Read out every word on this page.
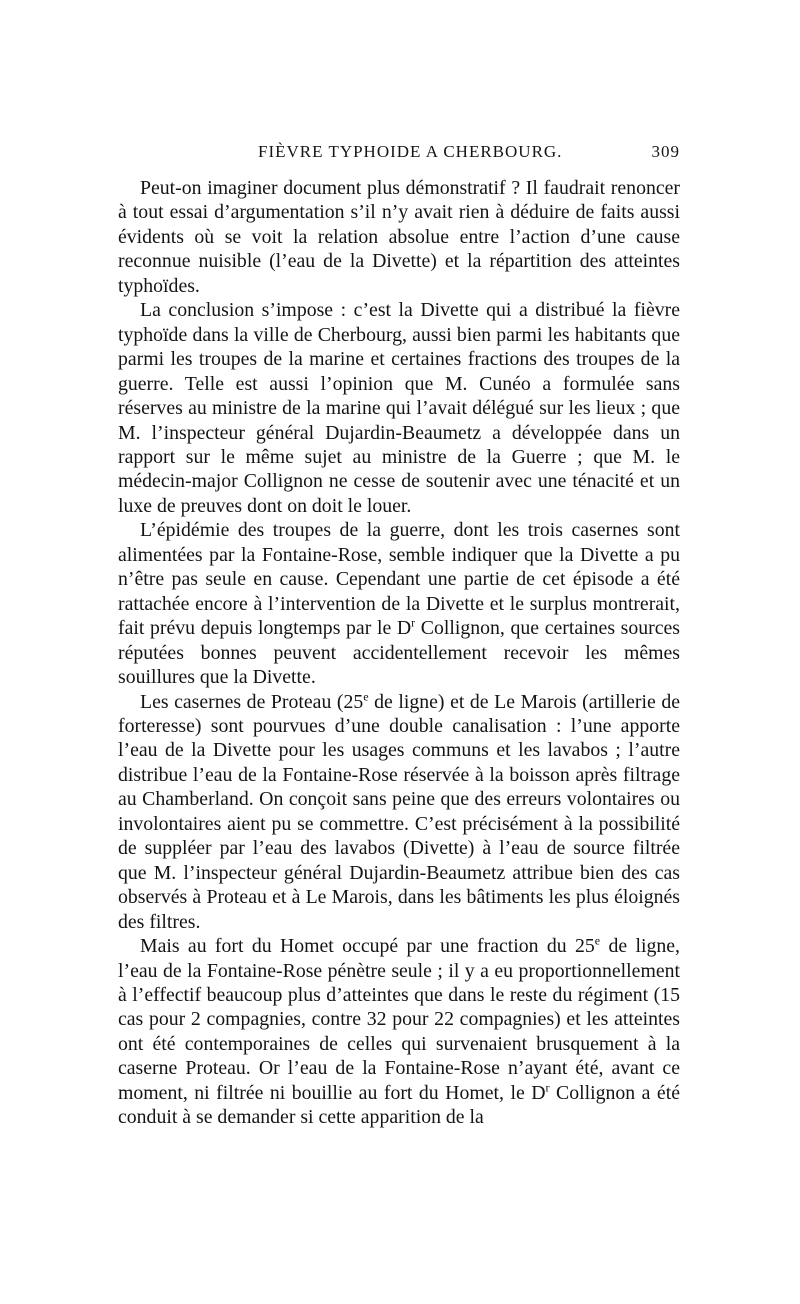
FIÈVRE TYPHOIDE A CHERBOURG.	309

Peut-on imaginer document plus démonstratif ? Il faudrait renoncer à tout essai d’argumentation s’il n’y avait rien à déduire de faits aussi évidents où se voit la relation absolue entre l’action d’une cause reconnue nuisible (l’eau de la Divette) et la répartition des atteintes typhoïdes.

La conclusion s’impose : c’est la Divette qui a distribué la fièvre typhoïde dans la ville de Cherbourg, aussi bien parmi les habitants que parmi les troupes de la marine et certaines fractions des troupes de la guerre. Telle est aussi l’opinion que M. Cunéo a formulée sans réserves au ministre de la marine qui l’avait délégué sur les lieux ; que M. l’inspecteur général Dujardin-Beaumetz a développée dans un rapport sur le même sujet au ministre de la Guerre ; que M. le médecin-major Collignon ne cesse de soutenir avec une ténacité et un luxe de preuves dont on doit le louer.

L’épidémie des troupes de la guerre, dont les trois casernes sont alimentées par la Fontaine-Rose, semble indiquer que la Divette a pu n’être pas seule en cause. Cependant une partie de cet épisode a été rattachée encore à l’intervention de la Divette et le surplus montrerait, fait prévu depuis longtemps par le $D^r$ Collignon, que certaines sources réputées bonnes peuvent accidentellement recevoir les mêmes souillures que la Divette.

Les casernes de Proteau (25e de ligne) et de Le Marois (artillerie de forteresse) sont pourvues d’une double canalisation : l’une apporte l’eau de la Divette pour les usages communs et les lavabos ; l’autre distribue l’eau de la Fontaine-Rose réservée à la boisson après filtrage au Chamberland. On conçoit sans peine que des erreurs volontaires ou involontaires aient pu se commettre. C’est précisément à la possibilité de suppléer par l’eau des lavabos (Divette) à l’eau de source filtrée que M. l’inspecteur général Dujardin-Beaumetz attribue bien des cas observés à Proteau et à Le Marois, dans les bâtiments les plus éloignés des filtres.

Mais au fort du Homet occupé par une fraction du 25e de ligne, l’eau de la Fontaine-Rose pénètre seule ; il y a eu proportionnellement à l’effectif beaucoup plus d’atteintes que dans le reste du régiment (15 cas pour 2 compagnies, contre 32 pour 22 compagnies) et les atteintes ont été contemporaines de celles qui survenaient brusquement à la caserne Proteau. Or l’eau de la Fontaine-Rose n’ayant été, avant ce moment, ni filtrée ni bouillie au fort du Homet, le $D^r$ Collignon a été conduit à se demander si cette apparition de la
